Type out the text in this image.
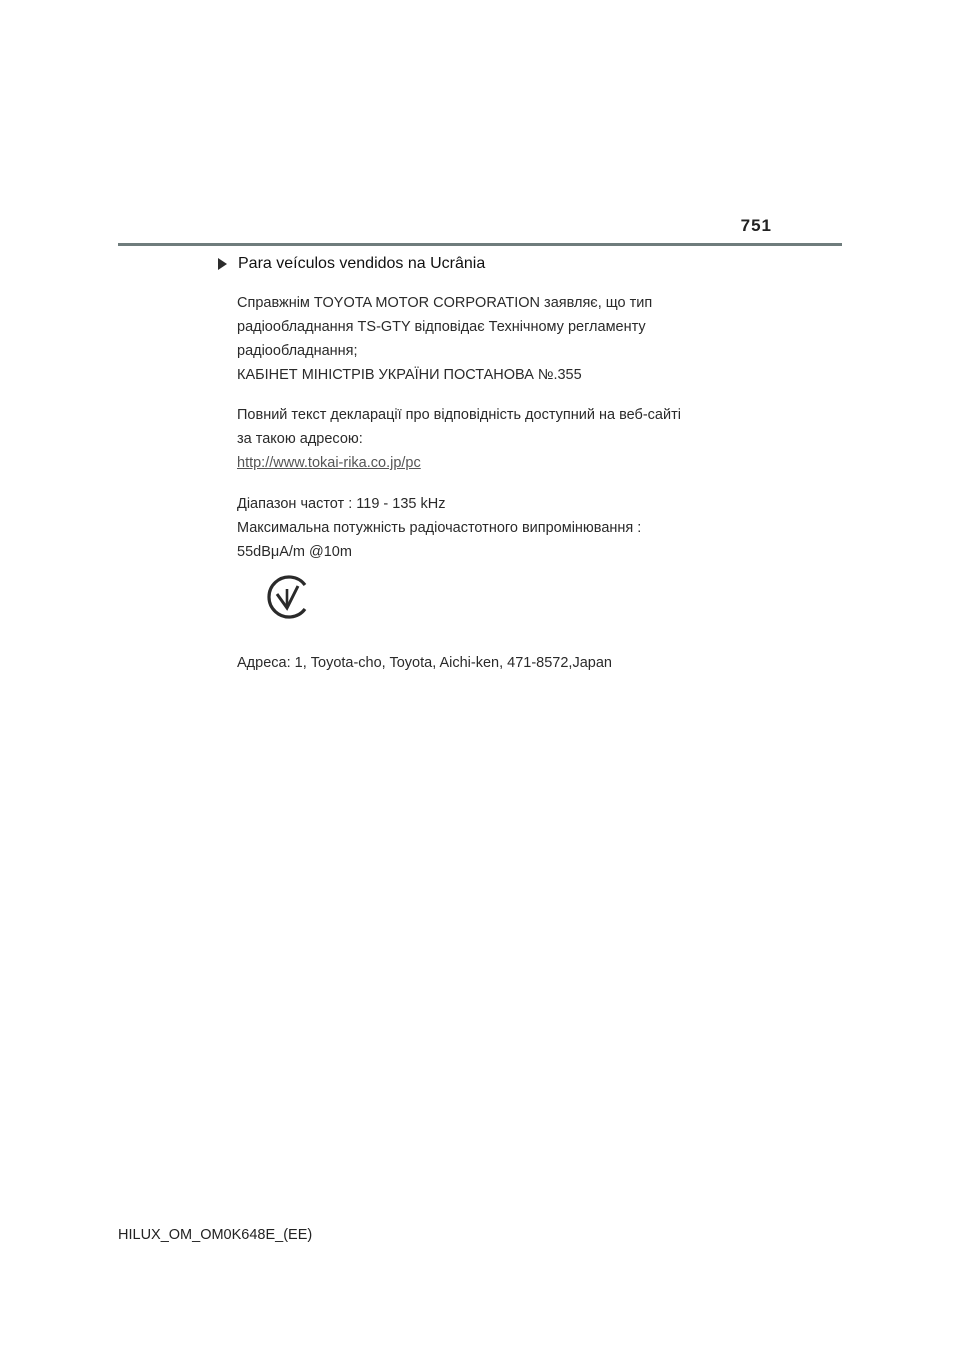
751
Para veículos vendidos na Ucrânia
Справжнім TOYOTA MOTOR CORPORATION заявляє, що тип
радіообладнання TS-GTY відповідає Технічному регламенту
радіообладнання;
КАБІНЕТ МІНІСТРІВ УКРАЇНИ ПОСТАНОВА №.355
Повний текст декларації про відповідність доступний на веб-сайті
за такою адресою:
http://www.tokai-rika.co.jp/pc
Діапазон частот : 119 - 135 kHz
Максимальна потужність радіочастотного випромінювання :
55dBμA/m @10m
Адреса: 1, Toyota-cho, Toyota, Aichi-ken, 471-8572,Japan
HILUX_OM_OM0K648E_(EE)
